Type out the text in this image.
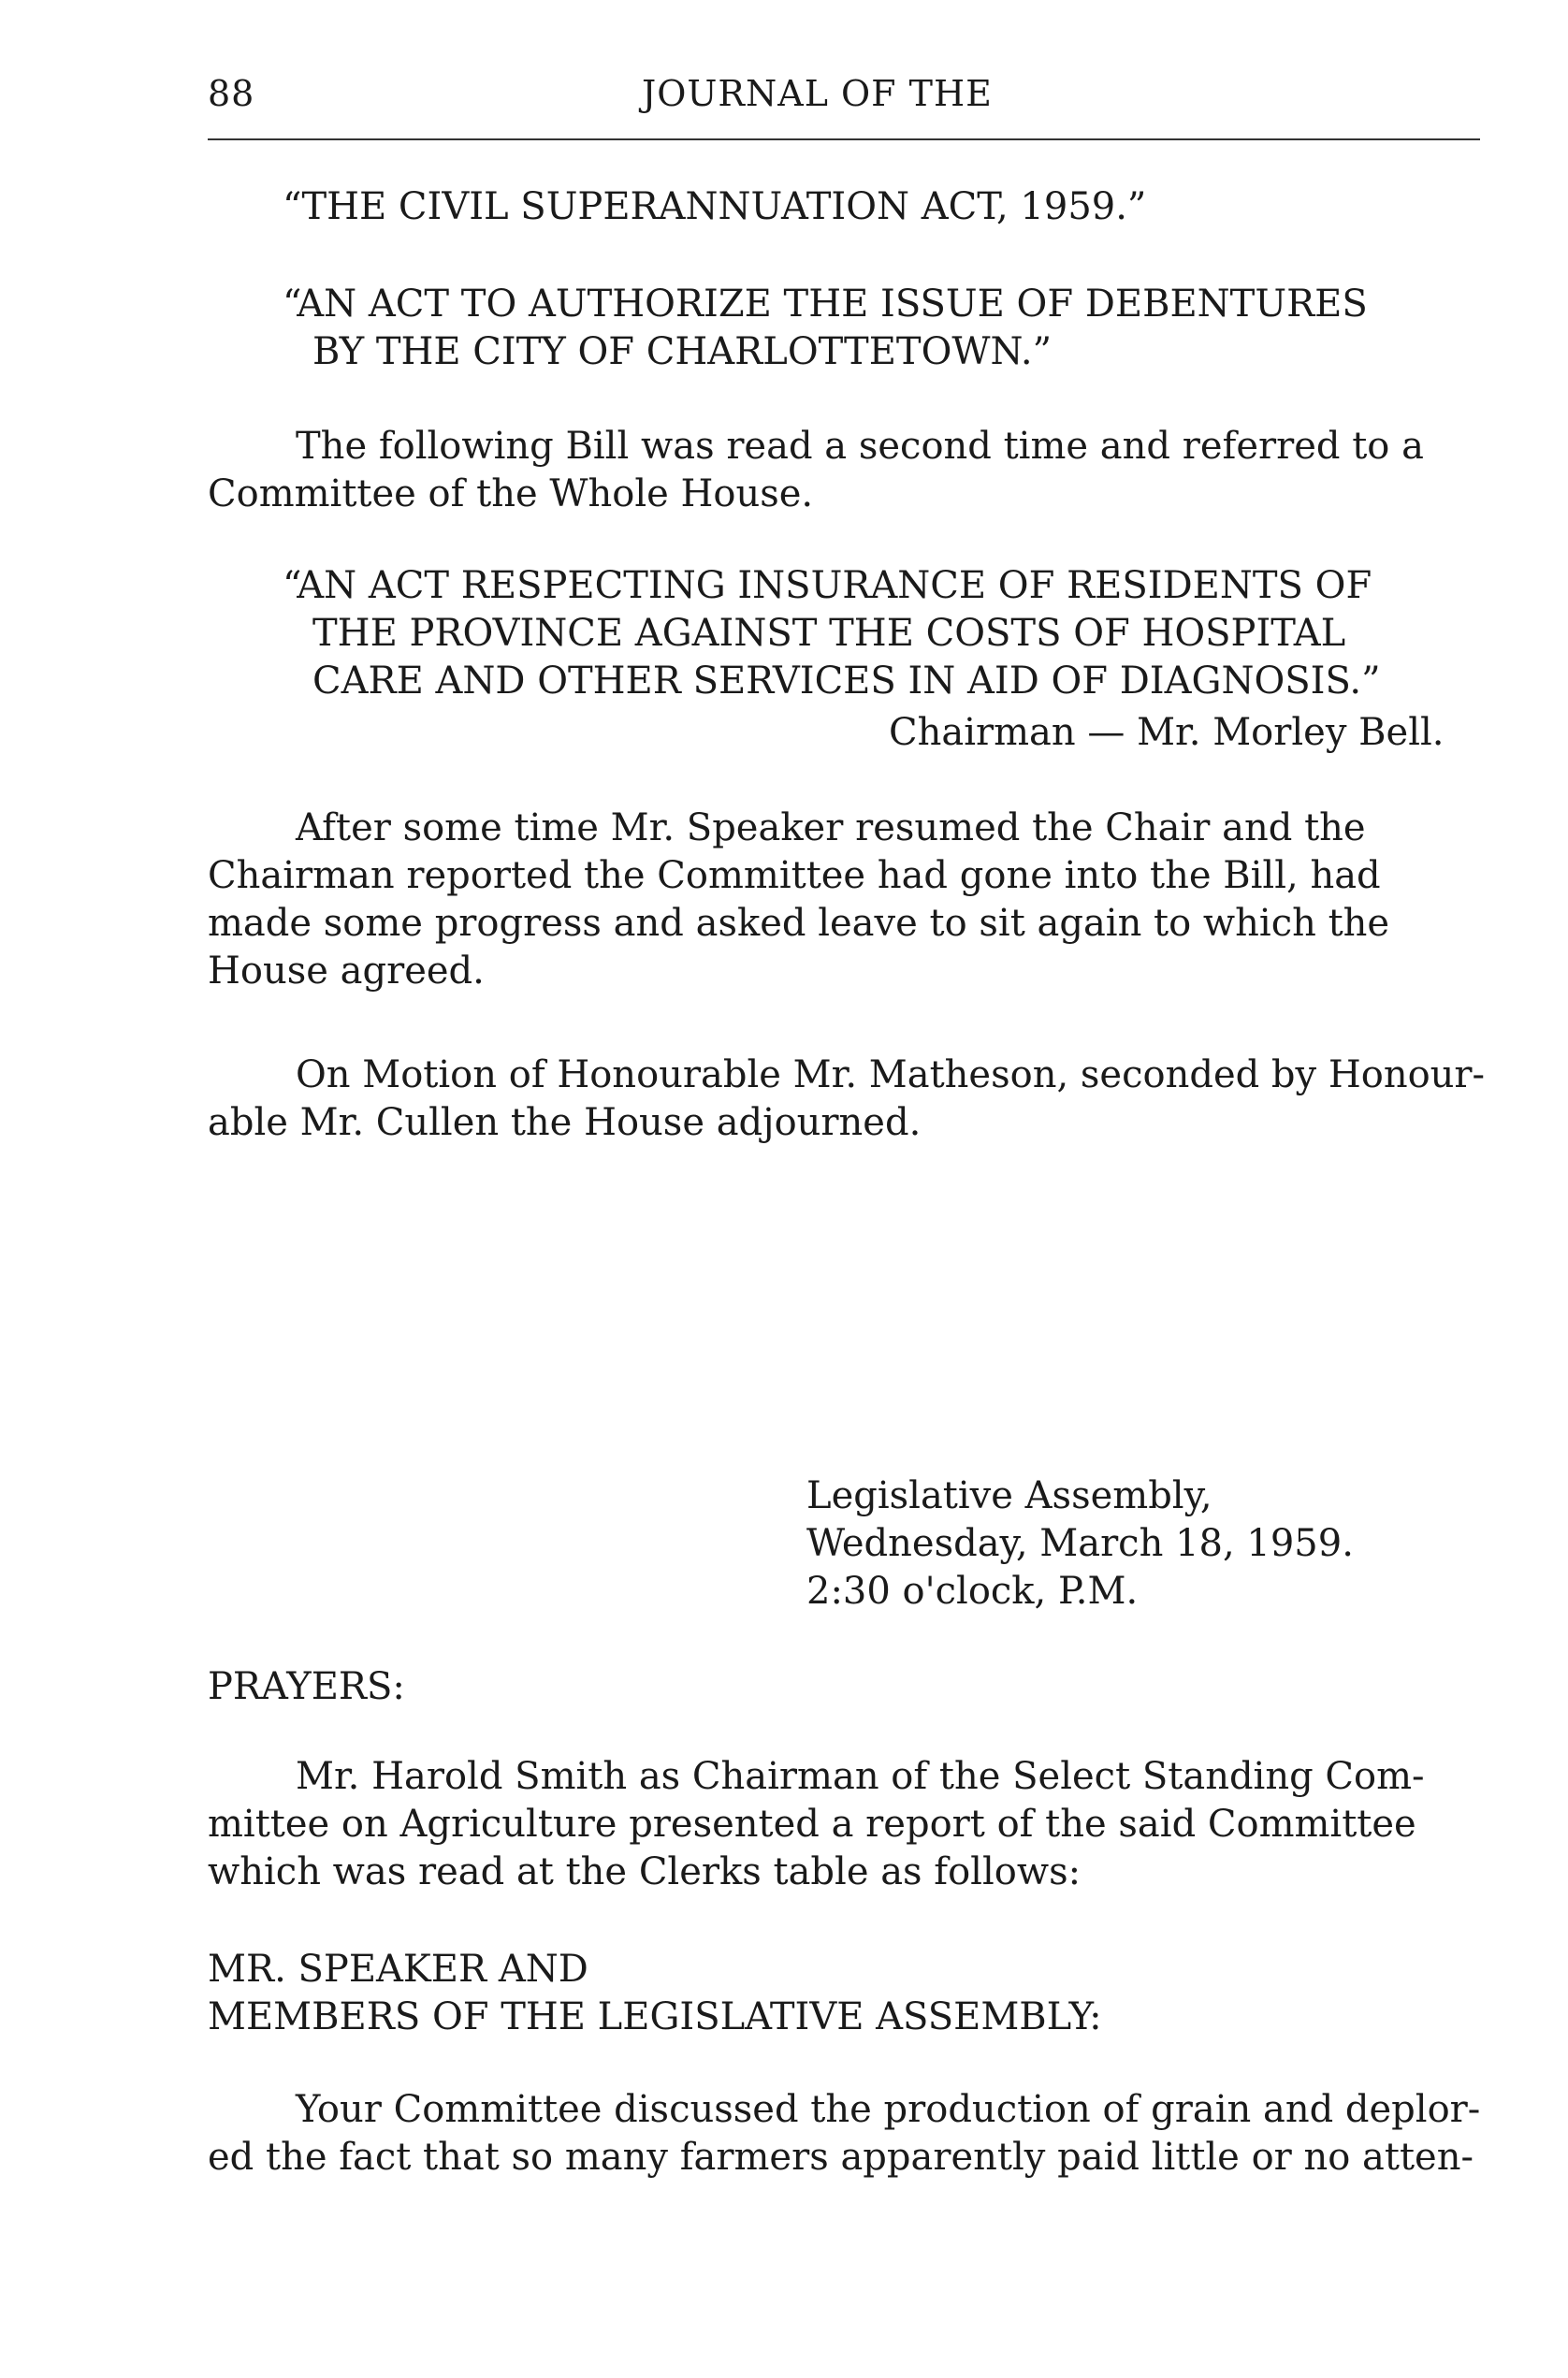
88	JOURNAL OF THE
“THE CIVIL SUPERANNUATION ACT, 1959.”
“AN ACT TO AUTHORIZE THE ISSUE OF DEBENTURES
BY THE CITY OF CHARLOTTETOWN.”
The following Bill was read a second time and referred to a
Committee of the Whole House.
“AN ACT RESPECTING INSURANCE OF RESIDENTS OF
THE PROVINCE AGAINST THE COSTS OF HOSPITAL
CARE AND OTHER SERVICES IN AID OF DIAGNOSIS.”
Chairman — Mr. Morley Bell.
After some time Mr. Speaker resumed the Chair and the
Chairman reported the Committee had gone into the Bill, had
made some progress and asked leave to sit again to which the
House agreed.
On Motion of Honourable Mr. Matheson, seconded by Honour-
able Mr. Cullen the House adjourned.
Legislative Assembly,
Wednesday, March 18, 1959.
2:30 o'clock, P.M.
PRAYERS:
Mr. Harold Smith as Chairman of the Select Standing Com-
mittee on Agriculture presented a report of the said Committee
which was read at the Clerks table as follows:
MR. SPEAKER AND
MEMBERS OF THE LEGISLATIVE ASSEMBLY:
Your Committee discussed the production of grain and deplor-
ed the fact that so many farmers apparently paid little or no atten-
